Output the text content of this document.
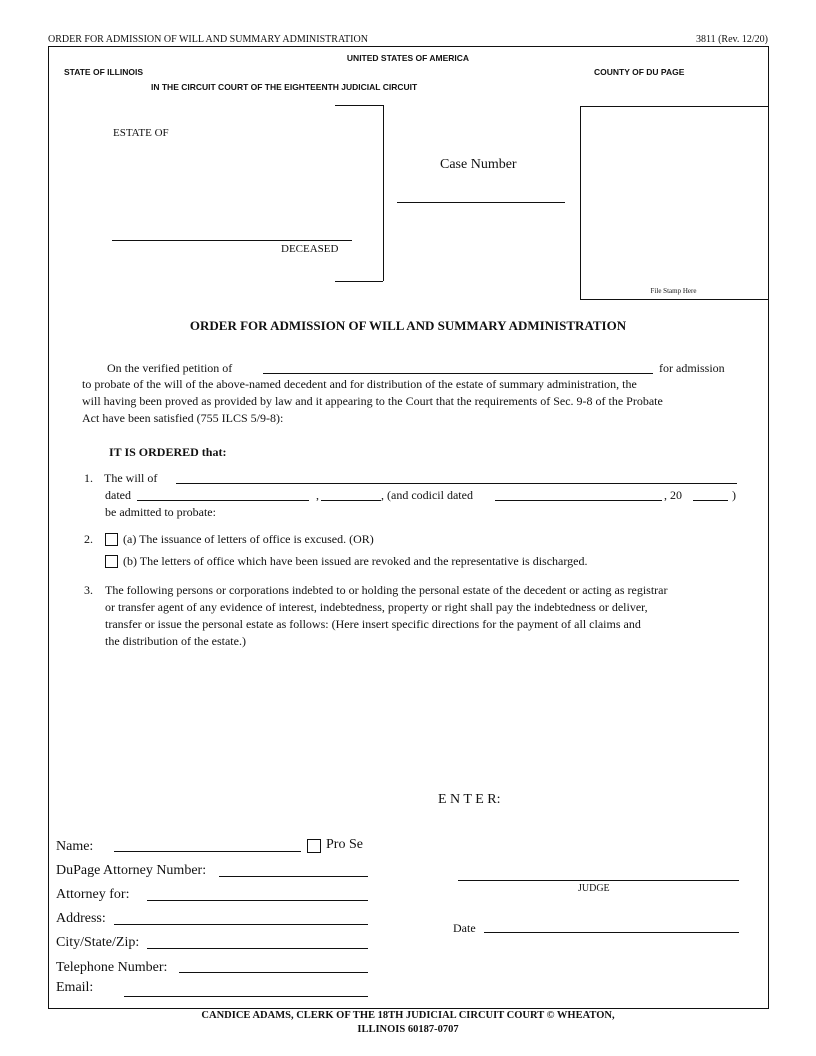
ORDER FOR ADMISSION OF WILL AND SUMMARY ADMINISTRATION	3811 (Rev. 12/20)
UNITED STATES OF AMERICA
STATE OF ILLINOIS	COUNTY OF DU PAGE
IN THE CIRCUIT COURT OF THE EIGHTEENTH JUDICIAL CIRCUIT
ESTATE OF
DECEASED
Case Number
File Stamp Here
ORDER FOR ADMISSION OF WILL AND SUMMARY ADMINISTRATION
On the verified petition of	for admission
to probate of the will of the above-named decedent and for distribution of the estate of summary administration, the
will having been proved as provided by law and it appearing to the Court that the requirements of Sec. 9-8 of the Probate
Act have been satisfied (755 ILCS 5/9-8):
IT IS ORDERED that:
1. The will of
dated	,	, (and codicil dated	, 20	)
be admitted to probate:
2.	(a) The issuance of letters of office is excused. (OR)
(b) The letters of office which have been issued are revoked and the representative is discharged.
3. The following persons or corporations indebted to or holding the personal estate of the decedent or acting as registrar
or transfer agent of any evidence of interest, indebtedness, property or right shall pay the indebtedness or deliver,
transfer or issue the personal estate as follows: (Here insert specific directions for the payment of all claims and
the distribution of the estate.)
E N T E R:
Name:	Pro Se
DuPage Attorney Number:
Attorney for:
Address:
City/State/Zip:
Telephone Number:
Email:
JUDGE
Date
CANDICE ADAMS, CLERK OF THE 18TH JUDICIAL CIRCUIT COURT © WHEATON,
ILLINOIS 60187-0707
